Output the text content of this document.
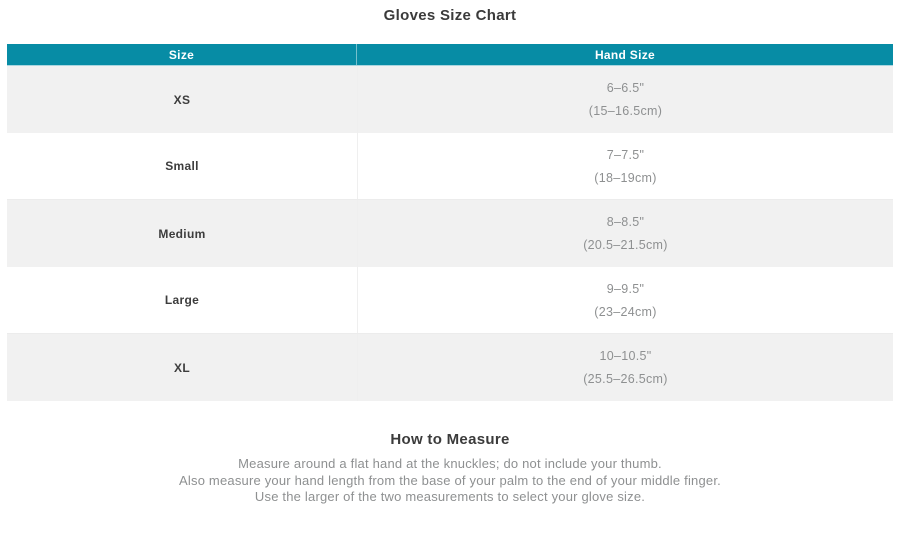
Gloves Size Chart
Size	Hand Size
XS
6–6.5"
(15–16.5cm)
Small
7–7.5"
(18–19cm)
Medium
8–8.5"
(20.5–21.5cm)
Large
9–9.5"
(23–24cm)
XL
10–10.5"
(25.5–26.5cm)
How to Measure
Measure around a flat hand at the knuckles; do not include your thumb.
Also measure your hand length from the base of your palm to the end of your middle finger.
Use the larger of the two measurements to select your glove size.
